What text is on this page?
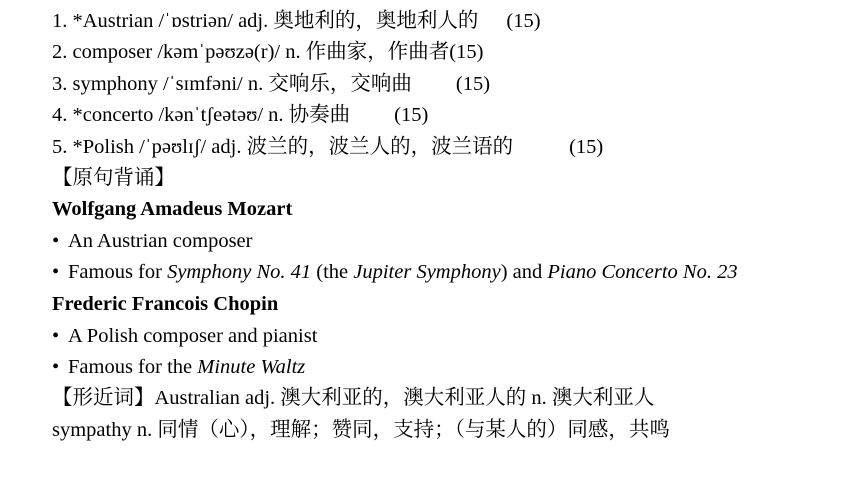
1. *Austrian /ˈɒstriən/ adj. 奥地利的，奥地利人的 (15)
2. composer /kəmˈpəʊzə(r)/ n. 作曲家，作曲者(15)
3. symphony /ˈsɪmfəni/ n. 交响乐，交响曲 (15)
4. *concerto /kənˈtʃeətəʊ/ n. 协奏曲 (15)
5. *Polish /ˈpəʊlɪʃ/ adj. 波兰的，波兰人的，波兰语的	(15)
【原句背诵】
Wolfgang Amadeus Mozart
• An Austrian composer
• Famous for Symphony No. 41 (the Jupiter Symphony) and Piano Concerto No. 23
Frederic Francois Chopin
• A Polish composer and pianist
• Famous for the Minute Waltz
【形近词】Australian adj. 澳大利亚的，澳大利亚人的 n. 澳大利亚人
sympathy n. 同情（心），理解；赞同，支持；（与某人的）同感，共鸣
